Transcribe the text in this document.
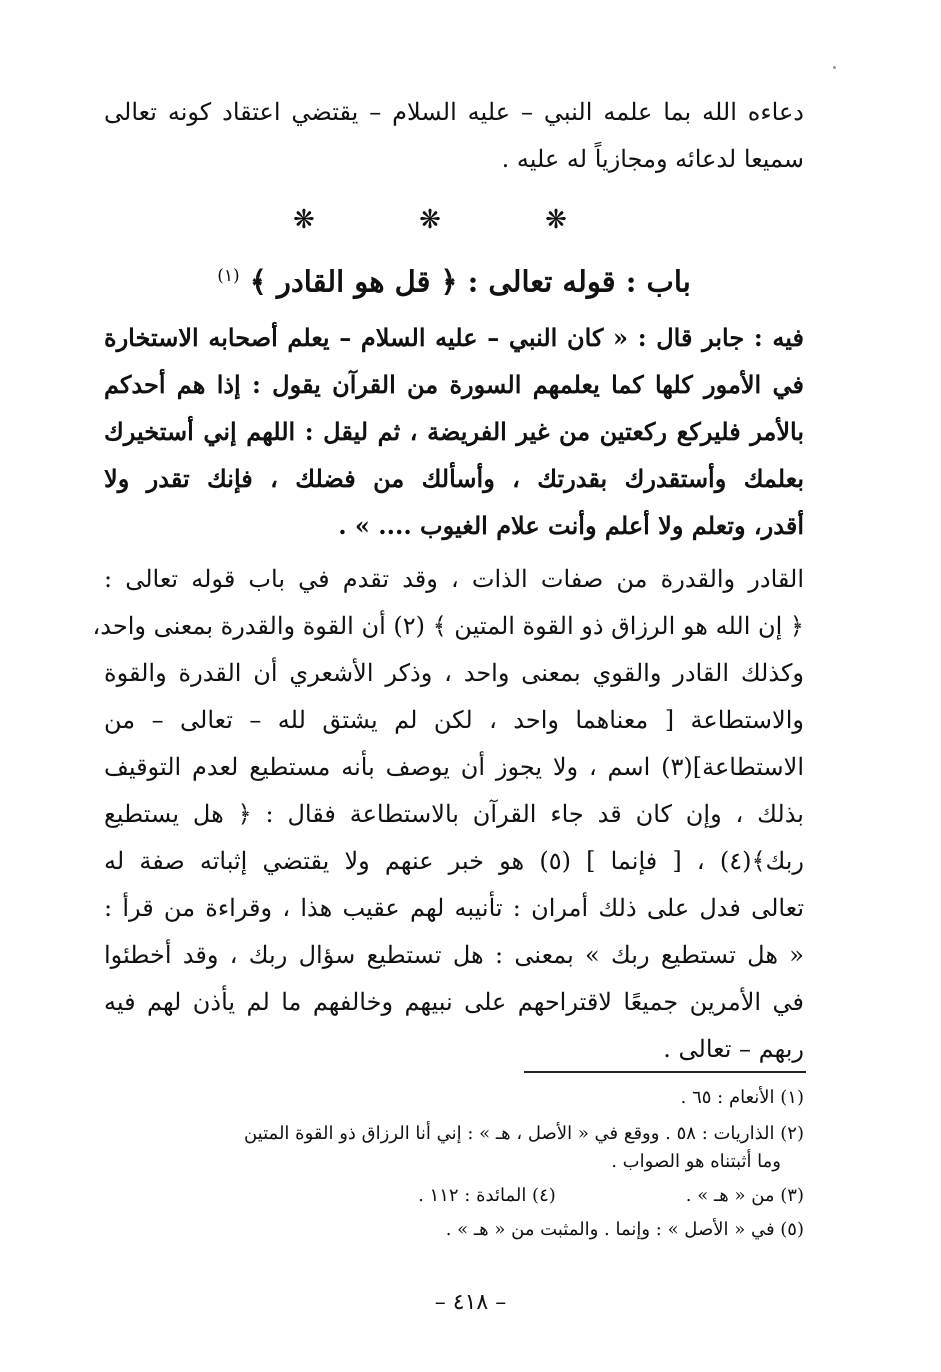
دعاءه الله بما علمه النبي – عليه السلام – يقتضي اعتقاد كونه تعالى
سميعا لدعائه ومجازياً له عليه .
❋ ❋ ❋
باب : قوله تعالى : ﴿ قل هو القادر ﴾ $^{(١)}$
فيه : جابر قال : « كان النبي – عليه السلام – يعلم أصحابه الاستخارة
في الأمور كلها كما يعلمهم السورة من القرآن يقول : إذا هم أحدكم
بالأمر فليركع ركعتين من غير الفريضة ، ثم ليقل : اللهم إني أستخيرك
بعلمك وأستقدرك بقدرتك ، وأسألك من فضلك ، فإنك تقدر ولا
أقدر، وتعلم ولا أعلم وأنت علام الغيوب .... » .
القادر والقدرة من صفات الذات ، وقد تقدم في باب قوله تعالى :
﴿ إن الله هو الرزاق ذو القوة المتين ﴾ (٢) أن القوة والقدرة بمعنى واحد،
وكذلك القادر والقوي بمعنى واحد ، وذكر الأشعري أن القدرة والقوة
والاستطاعة [ معناهما واحد ، لكن لم يشتق لله – تعالى – من
الاستطاعة](٣) اسم ، ولا يجوز أن يوصف بأنه مستطيع لعدم التوقيف
بذلك ، وإن كان قد جاء القرآن بالاستطاعة فقال : ﴿ هل يستطيع
ربك﴾(٤) ، [ فإنما ] (٥) هو خبر عنهم ولا يقتضي إثباته صفة له
تعالى فدل على ذلك أمران : تأنيبه لهم عقيب هذا ، وقراءة من قرأ :
« هل تستطيع ربك » بمعنى : هل تستطيع سؤال ربك ، وقد أخطئوا
في الأمرين جميعًا لاقتراحهم على نبيهم وخالفهم ما لم يأذن لهم فيه
ربهم – تعالى .
(١) الأنعام : ٦٥ .
(٢) الذاريات : ٥٨ . ووقع في « الأصل ، هـ » : إني أنا الرزاق ذو القوة المتين
وما أثبتناه هو الصواب .
(٣) من « هـ » .
(٤) المائدة : ١١٢ .
(٥) في « الأصل » : وإنما . والمثبت من « هـ » .
– ٤١٨ –
